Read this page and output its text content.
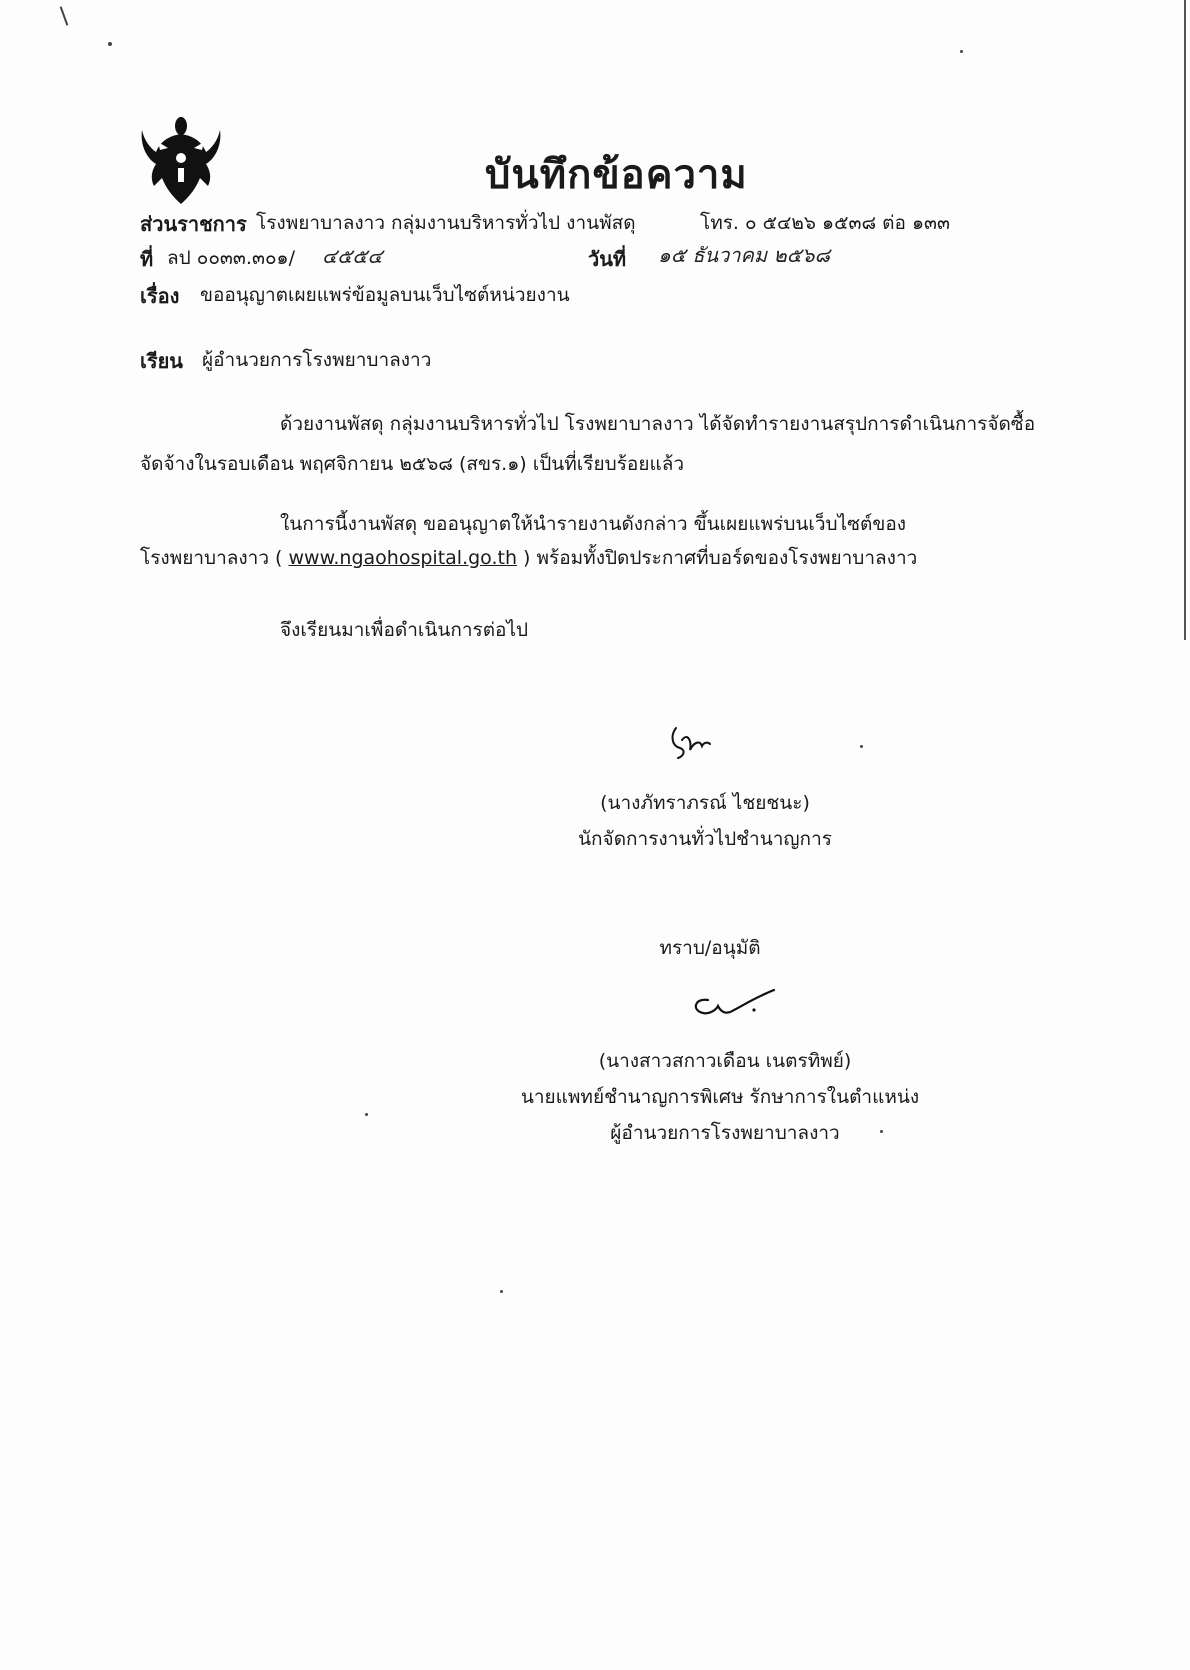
บันทึกข้อความ
ส่วนราชการ โรงพยาบาลงาว กลุ่มงานบริหารทั่วไป งานพัสดุ	โทร. ๐ ๕๔๒๖ ๑๕๓๘ ต่อ ๑๓๓
ที่ ลป ๐๐๓๓.๓๐๑/ ๔๕๕๔	วันที่ ๑๕ ธันวาคม ๒๕๖๘
เรื่อง ขออนุญาตเผยแพร่ข้อมูลบนเว็บไซต์หน่วยงาน
เรียน ผู้อำนวยการโรงพยาบาลงาว
ด้วยงานพัสดุ กลุ่มงานบริหารทั่วไป โรงพยาบาลงาว ได้จัดทำรายงานสรุปการดำเนินการจัดซื้อ
จัดจ้างในรอบเดือน พฤศจิกายน ๒๕๖๘ (สขร.๑) เป็นที่เรียบร้อยแล้ว
ในการนี้งานพัสดุ ขออนุญาตให้นำรายงานดังกล่าว ขึ้นเผยแพร่บนเว็บไซต์ของ
โรงพยาบาลงาว ( www.ngaohospital.go.th ) พร้อมทั้งปิดประกาศที่บอร์ดของโรงพยาบาลงาว
จึงเรียนมาเพื่อดำเนินการต่อไป
(นางภัทราภรณ์ ไชยชนะ)
นักจัดการงานทั่วไปชำนาญการ
ทราบ/อนุมัติ
(นางสาวสกาวเดือน เนตรทิพย์)
นายแพทย์ชำนาญการพิเศษ รักษาการในตำแหน่ง
ผู้อำนวยการโรงพยาบาลงาว
